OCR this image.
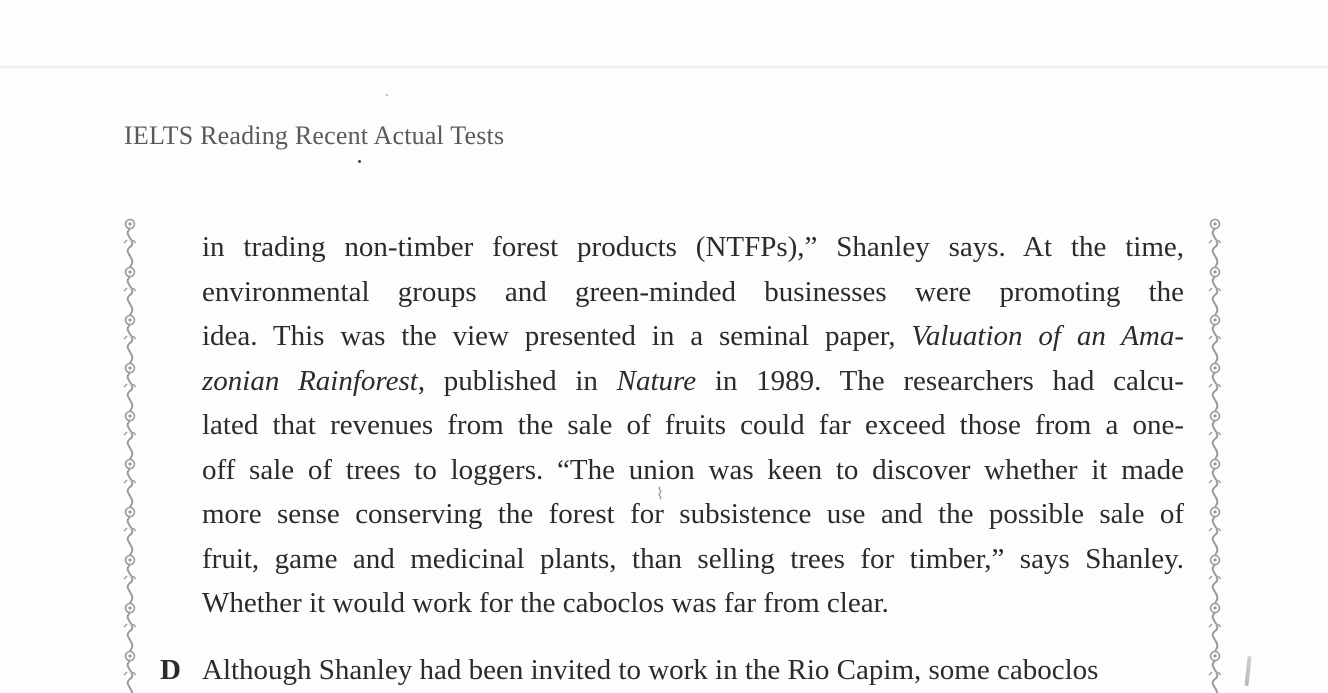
IELTS Reading Recent Actual Tests
in trading non-timber forest products (NTFPs),” Shanley says. At the time,
environmental groups and green-minded businesses were promoting the
idea. This was the view presented in a seminal paper, Valuation of an Ama-
zonian Rainforest, published in Nature in 1989. The researchers had calcu-
lated that revenues from the sale of fruits could far exceed those from a one-
off sale of trees to loggers. “The union was keen to discover whether it made
more sense conserving the forest for subsistence use and the possible sale of
fruit, game and medicinal plants, than selling trees for timber,” says Shanley.
Whether it would work for the caboclos was far from clear.
⌇
D Although Shanley had been invited to work in the Rio Capim, some caboclos
